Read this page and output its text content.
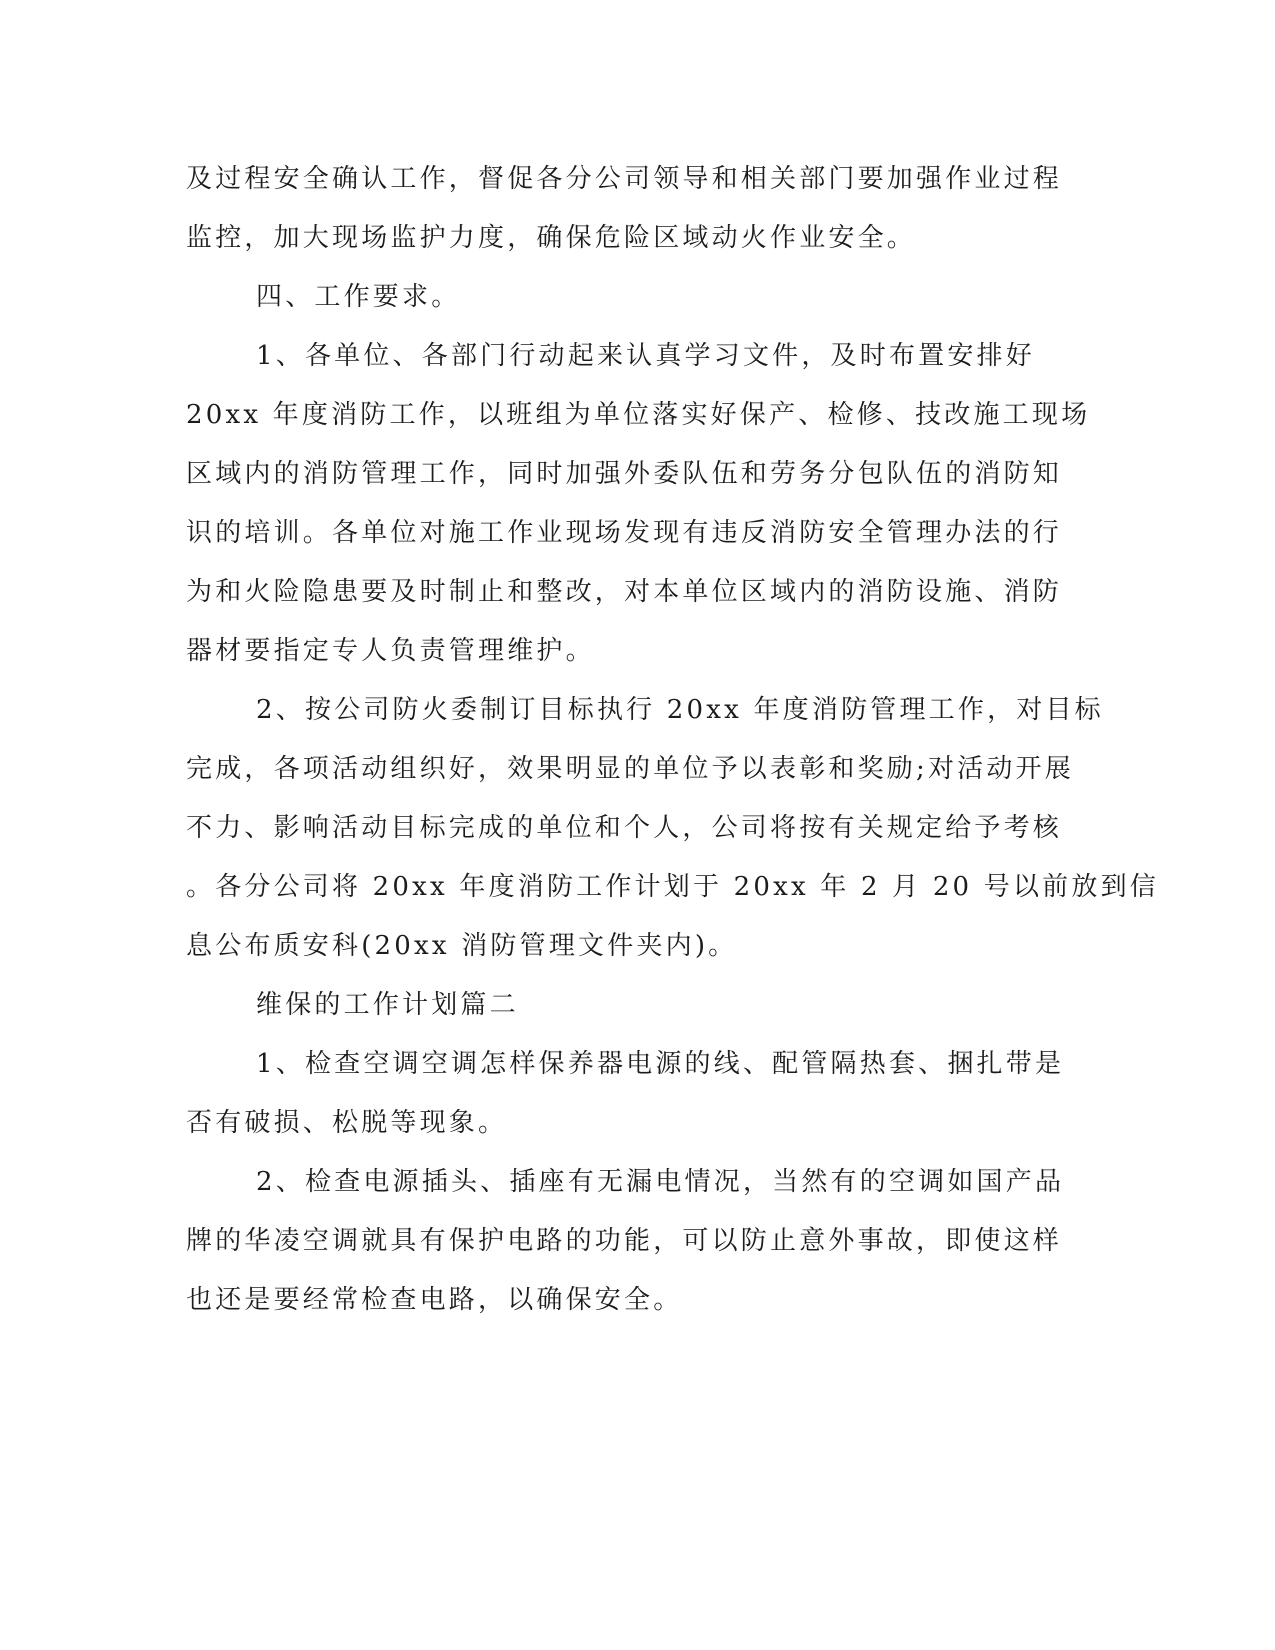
及过程安全确认工作，督促各分公司领导和相关部门要加强作业过程

监控，加大现场监护力度，确保危险区域动火作业安全。

四、工作要求。

1、各单位、各部门行动起来认真学习文件，及时布置安排好

20xx 年度消防工作，以班组为单位落实好保产、检修、技改施工现场

区域内的消防管理工作，同时加强外委队伍和劳务分包队伍的消防知

识的培训。各单位对施工作业现场发现有违反消防安全管理办法的行

为和火险隐患要及时制止和整改，对本单位区域内的消防设施、消防

器材要指定专人负责管理维护。

2、按公司防火委制订目标执行 20xx 年度消防管理工作，对目标

完成，各项活动组织好，效果明显的单位予以表彰和奖励;对活动开展

不力、影响活动目标完成的单位和个人，公司将按有关规定给予考核

。各分公司将 20xx 年度消防工作计划于 20xx 年 2 月 20 号以前放到信

息公布质安科(20xx 消防管理文件夹内)。

维保的工作计划篇二

1、检查空调空调怎样保养器电源的线、配管隔热套、捆扎带是

否有破损、松脱等现象。

2、检查电源插头、插座有无漏电情况，当然有的空调如国产品

牌的华凌空调就具有保护电路的功能，可以防止意外事故，即使这样

也还是要经常检查电路，以确保安全。
